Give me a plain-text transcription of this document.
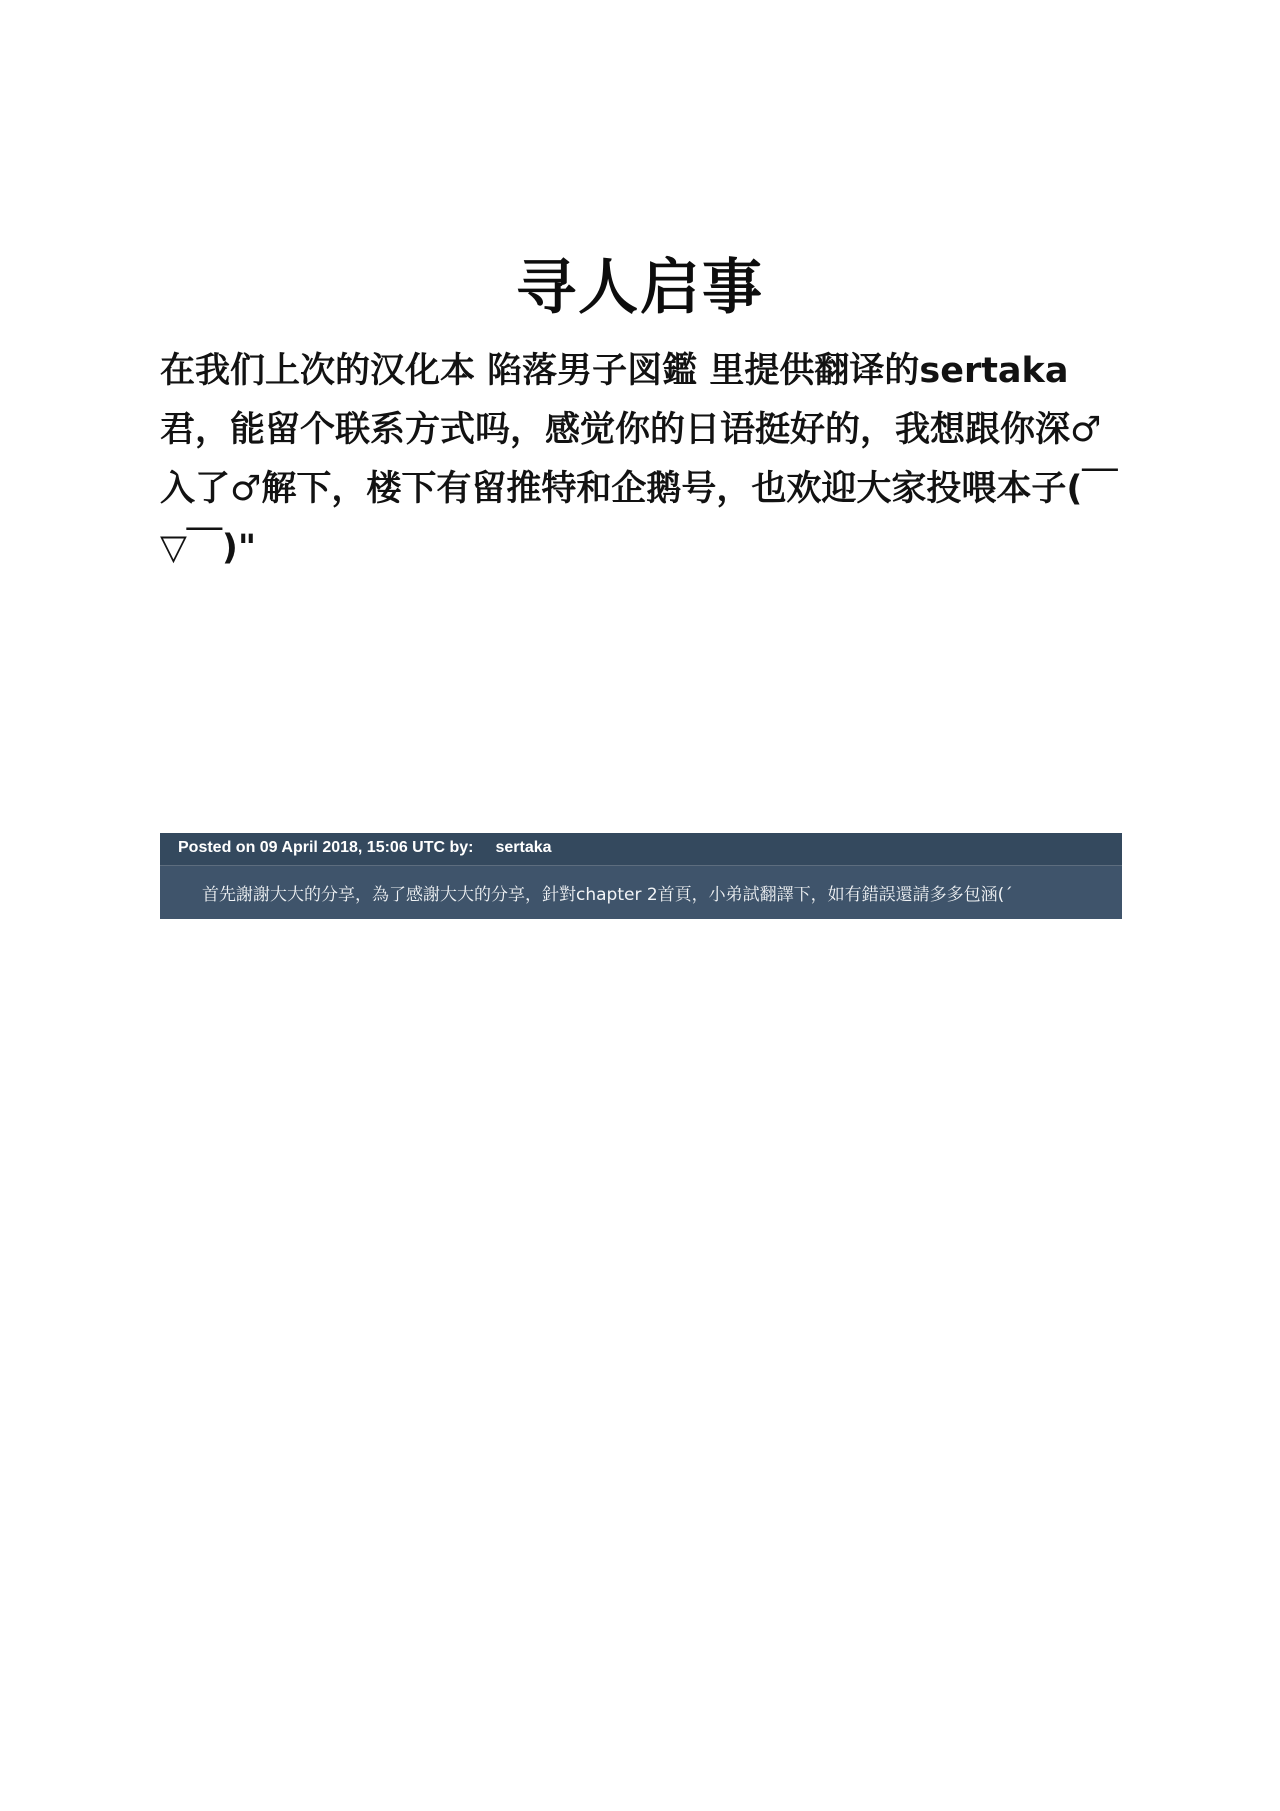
寻人启事
在我们上次的汉化本 陷落男子図鑑 里提供翻译的sertaka君，能留个联系方式吗，感觉你的日语挺好的，我想跟你深♂入了♂解下，楼下有留推特和企鹅号，也欢迎大家投喂本子(￣▽￣)"
Posted on 09 April 2018, 15:06 UTC by: sertaka
首先謝謝大大的分享，為了感謝大大的分享，針對chapter 2首頁，小弟試翻譯下，如有錯誤還請多多包涵(´
